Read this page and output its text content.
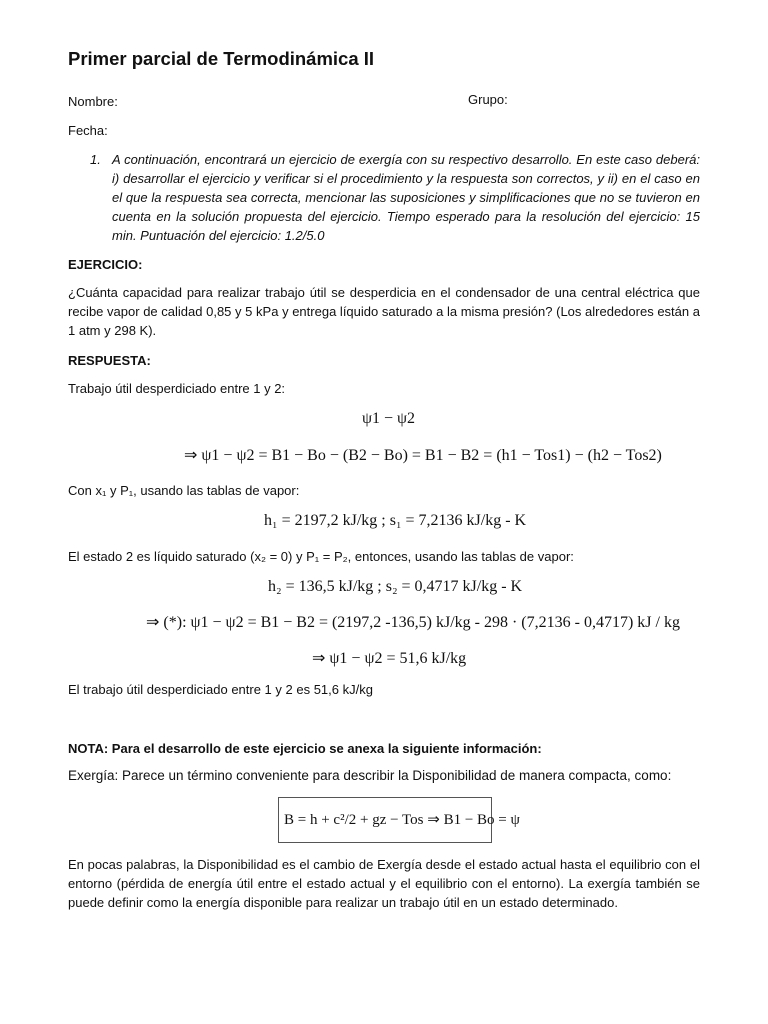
Primer parcial de Termodinámica II
Nombre:	Grupo:
Fecha:
1. A continuación, encontrará un ejercicio de exergía con su respectivo desarrollo. En este caso deberá: i) desarrollar el ejercicio y verificar si el procedimiento y la respuesta son correctos, y ii) en el caso en el que la respuesta sea correcta, mencionar las suposiciones y simplificaciones que no se tuvieron en cuenta en la solución propuesta del ejercicio. Tiempo esperado para la resolución del ejercicio: 15 min. Puntuación del ejercicio: 1.2/5.0
EJERCICIO:
¿Cuánta capacidad para realizar trabajo útil se desperdicia en el condensador de una central eléctrica que recibe vapor de calidad 0,85 y 5 kPa y entrega líquido saturado a la misma presión? (Los alrededores están a 1 atm y 298 K).
RESPUESTA:
Trabajo útil desperdiciado entre 1 y 2:
ψ1 − ψ2
⇒ ψ1 − ψ2 = B1 − Bo − (B2 − Bo) = B1 − B2 = (h1 − Tos1) − (h2 − Tos2)
Con x₁ y P₁, usando las tablas de vapor:
h₁ = 2197,2 kJ/kg ; s₁ = 7,2136 kJ/kg - K
El estado 2 es líquido saturado (x₂ = 0) y P₁ = P₂, entonces, usando las tablas de vapor:
h₂ = 136,5 kJ/kg ; s₂ = 0,4717 kJ/kg - K
⇒ (*): ψ1 − ψ2 = B1 − B2 = (2197,2 -136,5) kJ/kg - 298 · (7,2136 - 0,4717) kJ / kg
⇒ ψ1 − ψ2 = 51,6 kJ/kg
El trabajo útil desperdiciado entre 1 y 2 es 51,6 kJ/kg
NOTA: Para el desarrollo de este ejercicio se anexa la siguiente información:
Exergía: Parece un término conveniente para describir la Disponibilidad de manera compacta, como:
B = h + c²/2 + gz − Tos ⇒ B1 − Bo = ψ
En pocas palabras, la Disponibilidad es el cambio de Exergía desde el estado actual hasta el equilibrio con el entorno (pérdida de energía útil entre el estado actual y el equilibrio con el entorno). La exergía también se puede definir como la energía disponible para realizar un trabajo útil en un estado determinado.
